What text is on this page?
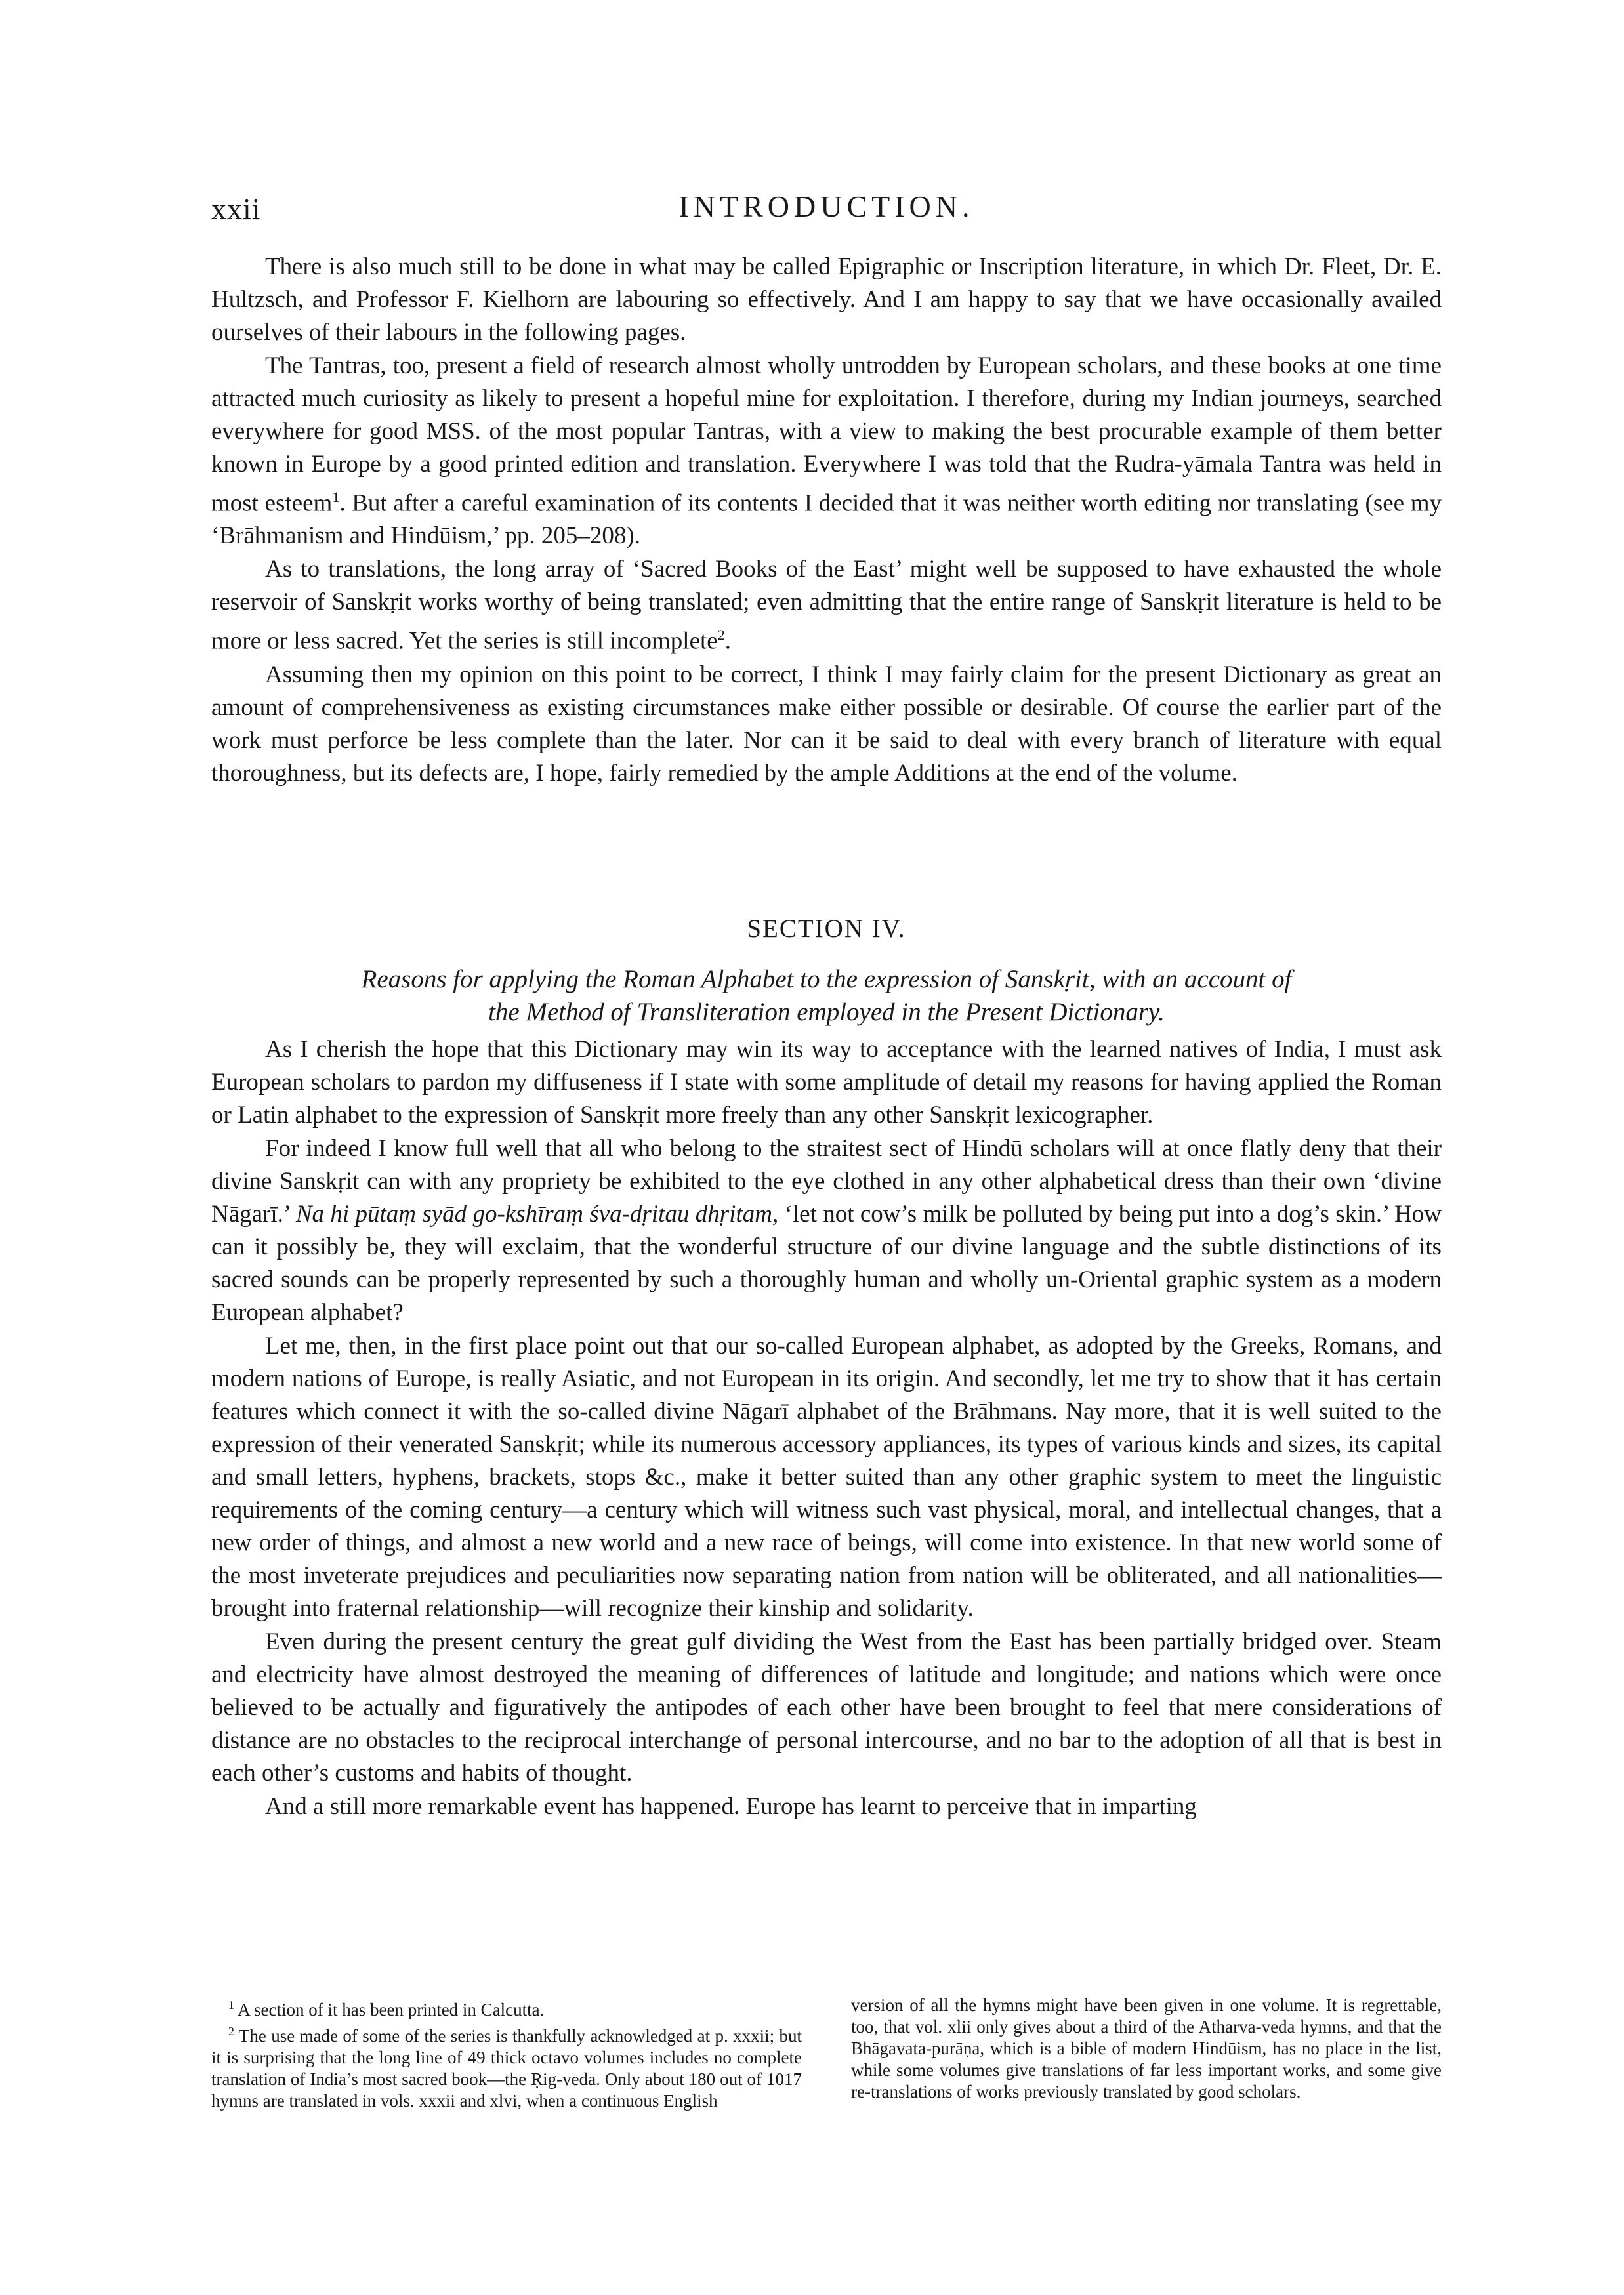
xxii	INTRODUCTION.

There is also much still to be done in what may be called Epigraphic or Inscription literature, in which Dr. Fleet, Dr. E. Hultzsch, and Professor F. Kielhorn are labouring so effectively. And I am happy to say that we have occasionally availed ourselves of their labours in the following pages.

The Tantras, too, present a field of research almost wholly untrodden by European scholars, and these books at one time attracted much curiosity as likely to present a hopeful mine for exploitation. I therefore, during my Indian journeys, searched everywhere for good MSS. of the most popular Tantras, with a view to making the best procurable example of them better known in Europe by a good printed edition and translation. Everywhere I was told that the Rudra-yāmala Tantra was held in most esteem$^1$. But after a careful examination of its contents I decided that it was neither worth editing nor translating (see my ‘Brāhmanism and Hindūism,’ pp. 205–208).

As to translations, the long array of ‘Sacred Books of the East’ might well be supposed to have exhausted the whole reservoir of Sanskṛit works worthy of being translated; even admitting that the entire range of Sanskṛit literature is held to be more or less sacred. Yet the series is still incomplete$^2$.

Assuming then my opinion on this point to be correct, I think I may fairly claim for the present Dictionary as great an amount of comprehensiveness as existing circumstances make either possible or desirable. Of course the earlier part of the work must perforce be less complete than the later. Nor can it be said to deal with every branch of literature with equal thoroughness, but its defects are, I hope, fairly remedied by the ample Additions at the end of the volume.

SECTION IV.
Reasons for applying the Roman Alphabet to the expression of Sanskṛit, with an account of
the Method of Transliteration employed in the Present Dictionary.

As I cherish the hope that this Dictionary may win its way to acceptance with the learned natives of India, I must ask European scholars to pardon my diffuseness if I state with some amplitude of detail my reasons for having applied the Roman or Latin alphabet to the expression of Sanskṛit more freely than any other Sanskṛit lexicographer.

For indeed I know full well that all who belong to the straitest sect of Hindū scholars will at once flatly deny that their divine Sanskṛit can with any propriety be exhibited to the eye clothed in any other alphabetical dress than their own ‘divine Nāgarī.’ Na hi pūtaṃ syād go-kshīraṃ śva-dṛitau dhṛitam, ‘let not cow’s milk be polluted by being put into a dog’s skin.’ How can it possibly be, they will exclaim, that the wonderful structure of our divine language and the subtle distinctions of its sacred sounds can be properly represented by such a thoroughly human and wholly un-Oriental graphic system as a modern European alphabet?

Let me, then, in the first place point out that our so-called European alphabet, as adopted by the Greeks, Romans, and modern nations of Europe, is really Asiatic, and not European in its origin. And secondly, let me try to show that it has certain features which connect it with the so-called divine Nāgarī alphabet of the Brāhmans. Nay more, that it is well suited to the expression of their venerated Sanskṛit; while its numerous accessory appliances, its types of various kinds and sizes, its capital and small letters, hyphens, brackets, stops &c., make it better suited than any other graphic system to meet the linguistic requirements of the coming century—a century which will witness such vast physical, moral, and intellectual changes, that a new order of things, and almost a new world and a new race of beings, will come into existence. In that new world some of the most inveterate prejudices and peculiarities now separating nation from nation will be obliterated, and all nationalities—brought into fraternal relationship—will recognize their kinship and solidarity.

Even during the present century the great gulf dividing the West from the East has been partially bridged over. Steam and electricity have almost destroyed the meaning of differences of latitude and longitude; and nations which were once believed to be actually and figuratively the antipodes of each other have been brought to feel that mere considerations of distance are no obstacles to the reciprocal interchange of personal intercourse, and no bar to the adoption of all that is best in each other’s customs and habits of thought.

And a still more remarkable event has happened. Europe has learnt to perceive that in imparting

$^1$ A section of it has been printed in Calcutta.

$^2$ The use made of some of the series is thankfully acknowledged at p. xxxii; but it is surprising that the long line of 49 thick octavo volumes includes no complete translation of India’s most sacred book—the Ṛig-veda. Only about 180 out of 1017 hymns are translated in vols. xxxii and xlvi, when a continuous English

version of all the hymns might have been given in one volume. It is regrettable, too, that vol. xlii only gives about a third of the Atharva-veda hymns, and that the Bhāgavata-purāṇa, which is a bible of modern Hindūism, has no place in the list, while some volumes give translations of far less important works, and some give re-translations of works previously translated by good scholars.
